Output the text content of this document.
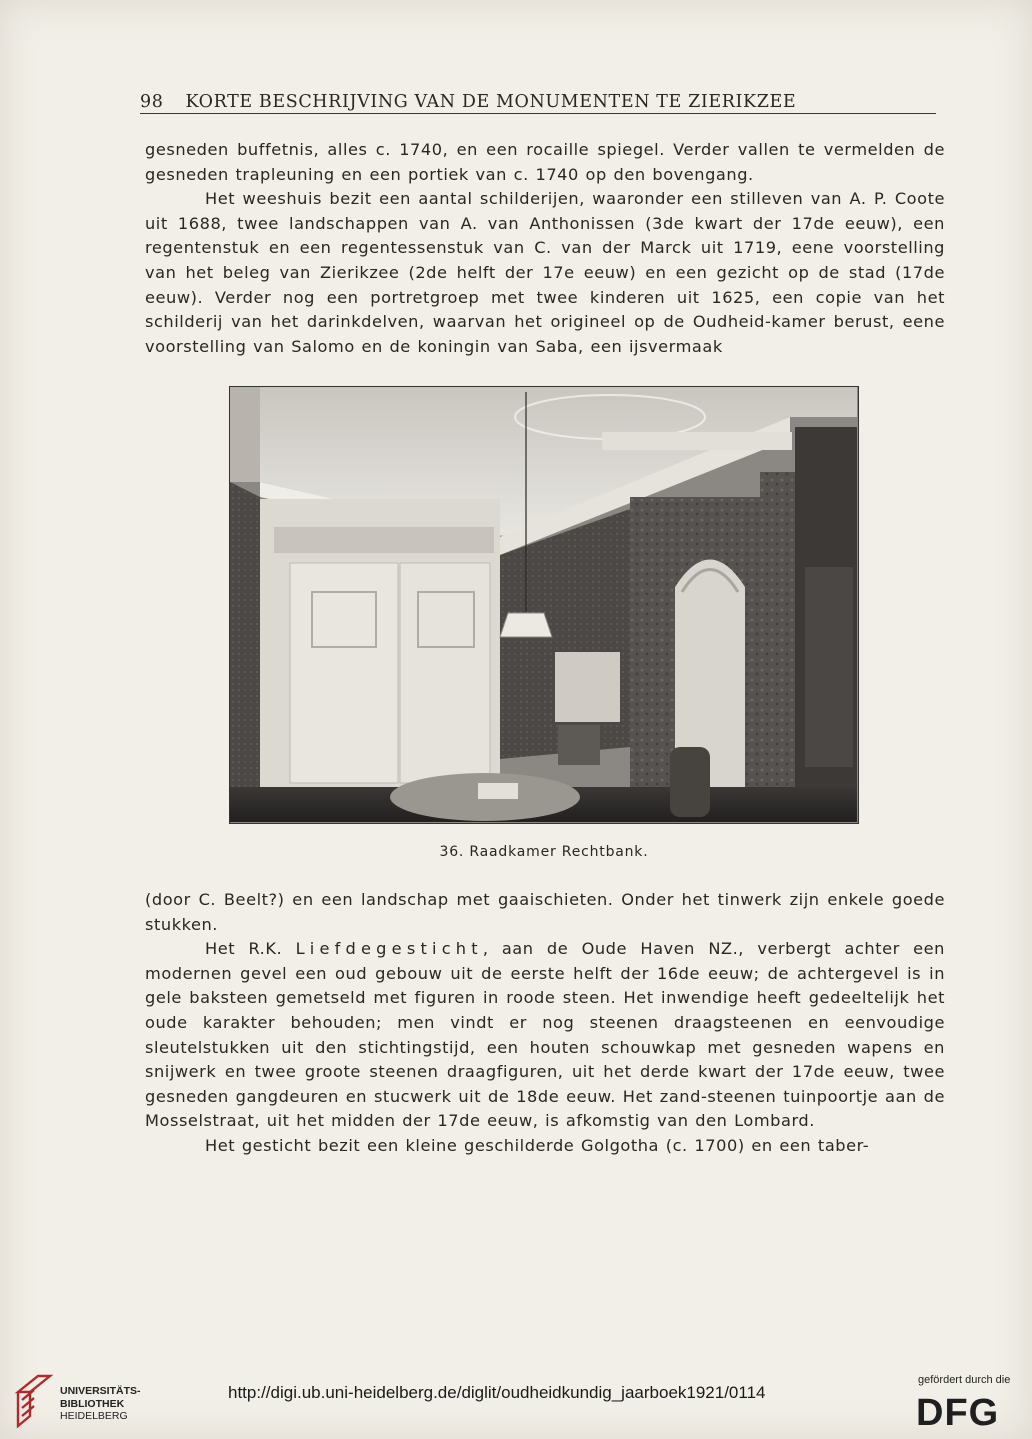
98 KORTE BESCHRIJVING VAN DE MONUMENTEN TE ZIERIKZEE

gesneden buffetnis, alles c. 1740, en een rocaille spiegel. Verder vallen te vermelden de gesneden trapleuning en een portiek van c. 1740 op den bovengang.

Het weeshuis bezit een aantal schilderijen, waaronder een stilleven van A. P. Coote uit 1688, twee landschappen van A. van Anthonissen (3de kwart der 17de eeuw), een regentenstuk en een regentessenstuk van C. van der Marck uit 1719, eene voorstelling van het beleg van Zierikzee (2de helft der 17e eeuw) en een gezicht op de stad (17de eeuw). Verder nog een portretgroep met twee kinderen uit 1625, een copie van het schilderij van het darinkdelven, waarvan het origineel op de Oudheid-kamer berust, eene voorstelling van Salomo en de koningin van Saba, een ijsvermaak

36. Raadkamer Rechtbank.

(door C. Beelt?) en een landschap met gaaischieten. Onder het tinwerk zijn enkele goede stukken.

Het R.K. Liefdegesticht, aan de Oude Haven NZ., verbergt achter een modernen gevel een oud gebouw uit de eerste helft der 16de eeuw; de achtergevel is in gele baksteen gemetseld met figuren in roode steen. Het inwendige heeft gedeeltelijk het oude karakter behouden; men vindt er nog steenen draagsteenen en eenvoudige sleutelstukken uit den stichtingstijd, een houten schouwkap met gesneden wapens en snijwerk en twee groote steenen draagfiguren, uit het derde kwart der 17de eeuw, twee gesneden gangdeuren en stucwerk uit de 18de eeuw. Het zand-steenen tuinpoortje aan de Mosselstraat, uit het midden der 17de eeuw, is afkomstig van den Lombard.

Het gesticht bezit een kleine geschilderde Golgotha (c. 1700) en een taber-

UNIVERSITÄTS-
BIBLIOTHEK
HEIDELBERG
http://digi.ub.uni-heidelberg.de/diglit/oudheidkundig_jaarboek1921/0114
gefördert durch die
DFG
